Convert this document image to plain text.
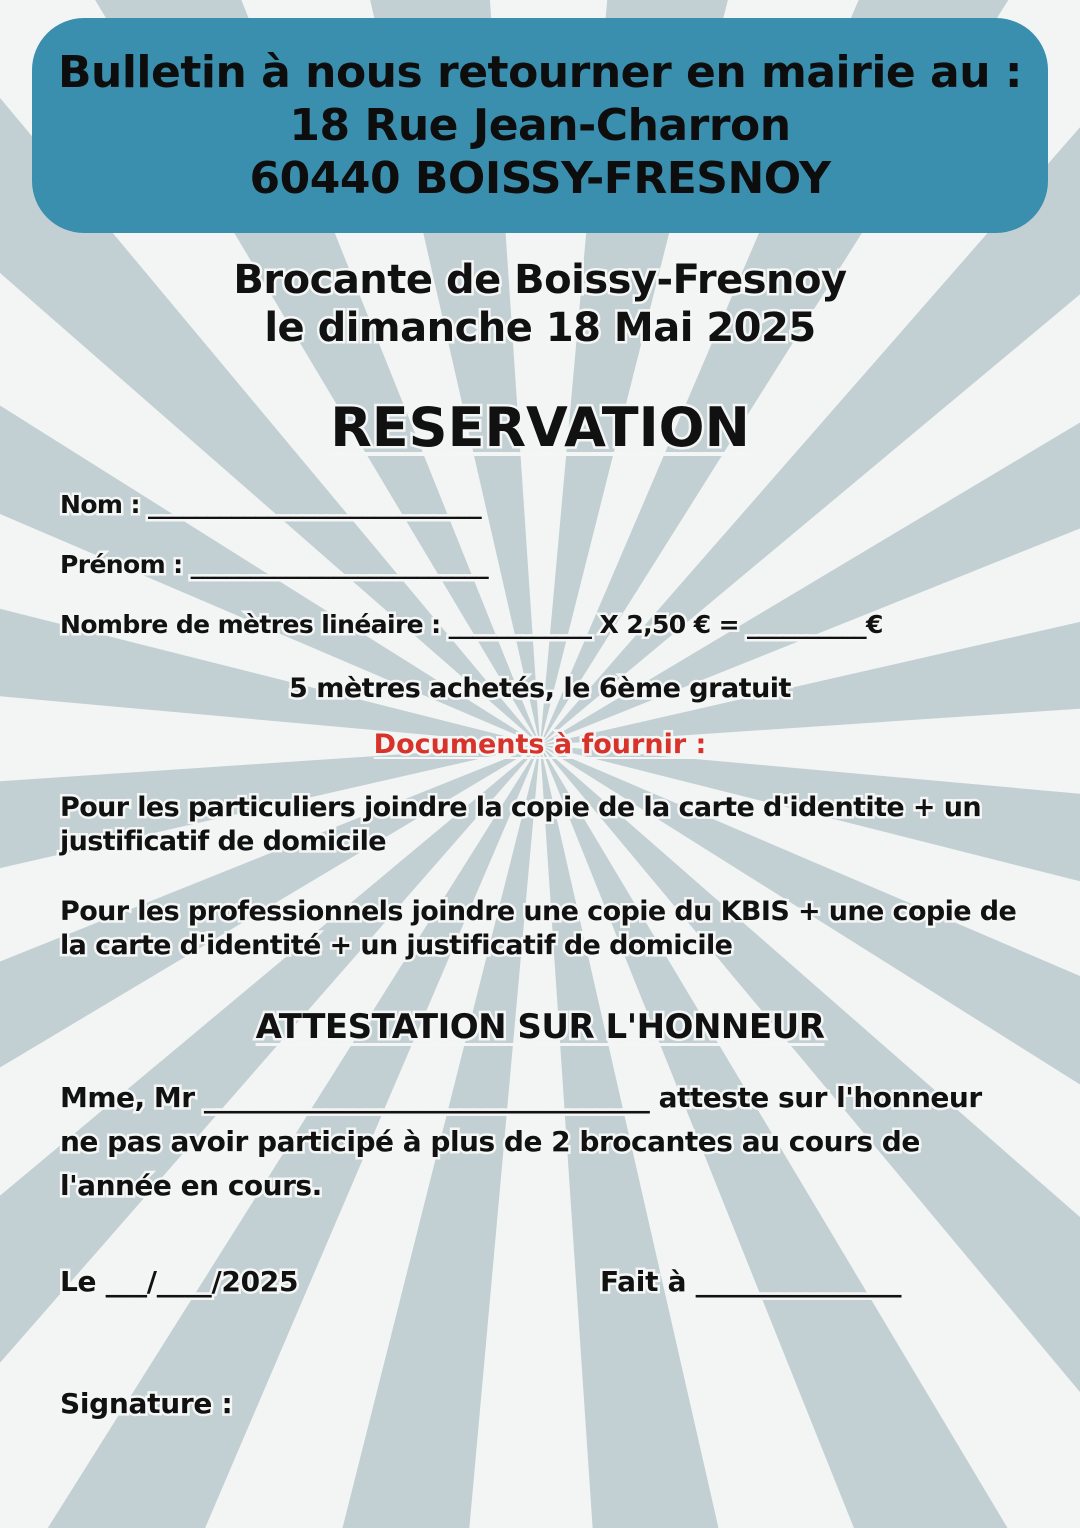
Bulletin à nous retourner en mairie au :
18 Rue Jean-Charron
60440 BOISSY-FRESNOY
Brocante de Boissy-Fresnoy
le dimanche 18 Mai 2025
RESERVATION
Nom : ____________________________
Prénom : _________________________
Nombre de mètres linéaire : ____________ X 2,50 € = __________€
5 mètres achetés, le 6ème gratuit
Documents à fournir :
Pour les particuliers joindre la copie de la carte d'identite + un justificatif de domicile
Pour les professionnels joindre une copie du KBIS + une copie de la carte d'identité + un justificatif de domicile
ATTESTATION SUR L'HONNEUR
Mme, Mr _________________________________ atteste sur l'honneur ne pas avoir participé à plus de 2 brocantes au cours de l'année en cours.
Le ___/____/2025	Fait à _______________
Signature :
